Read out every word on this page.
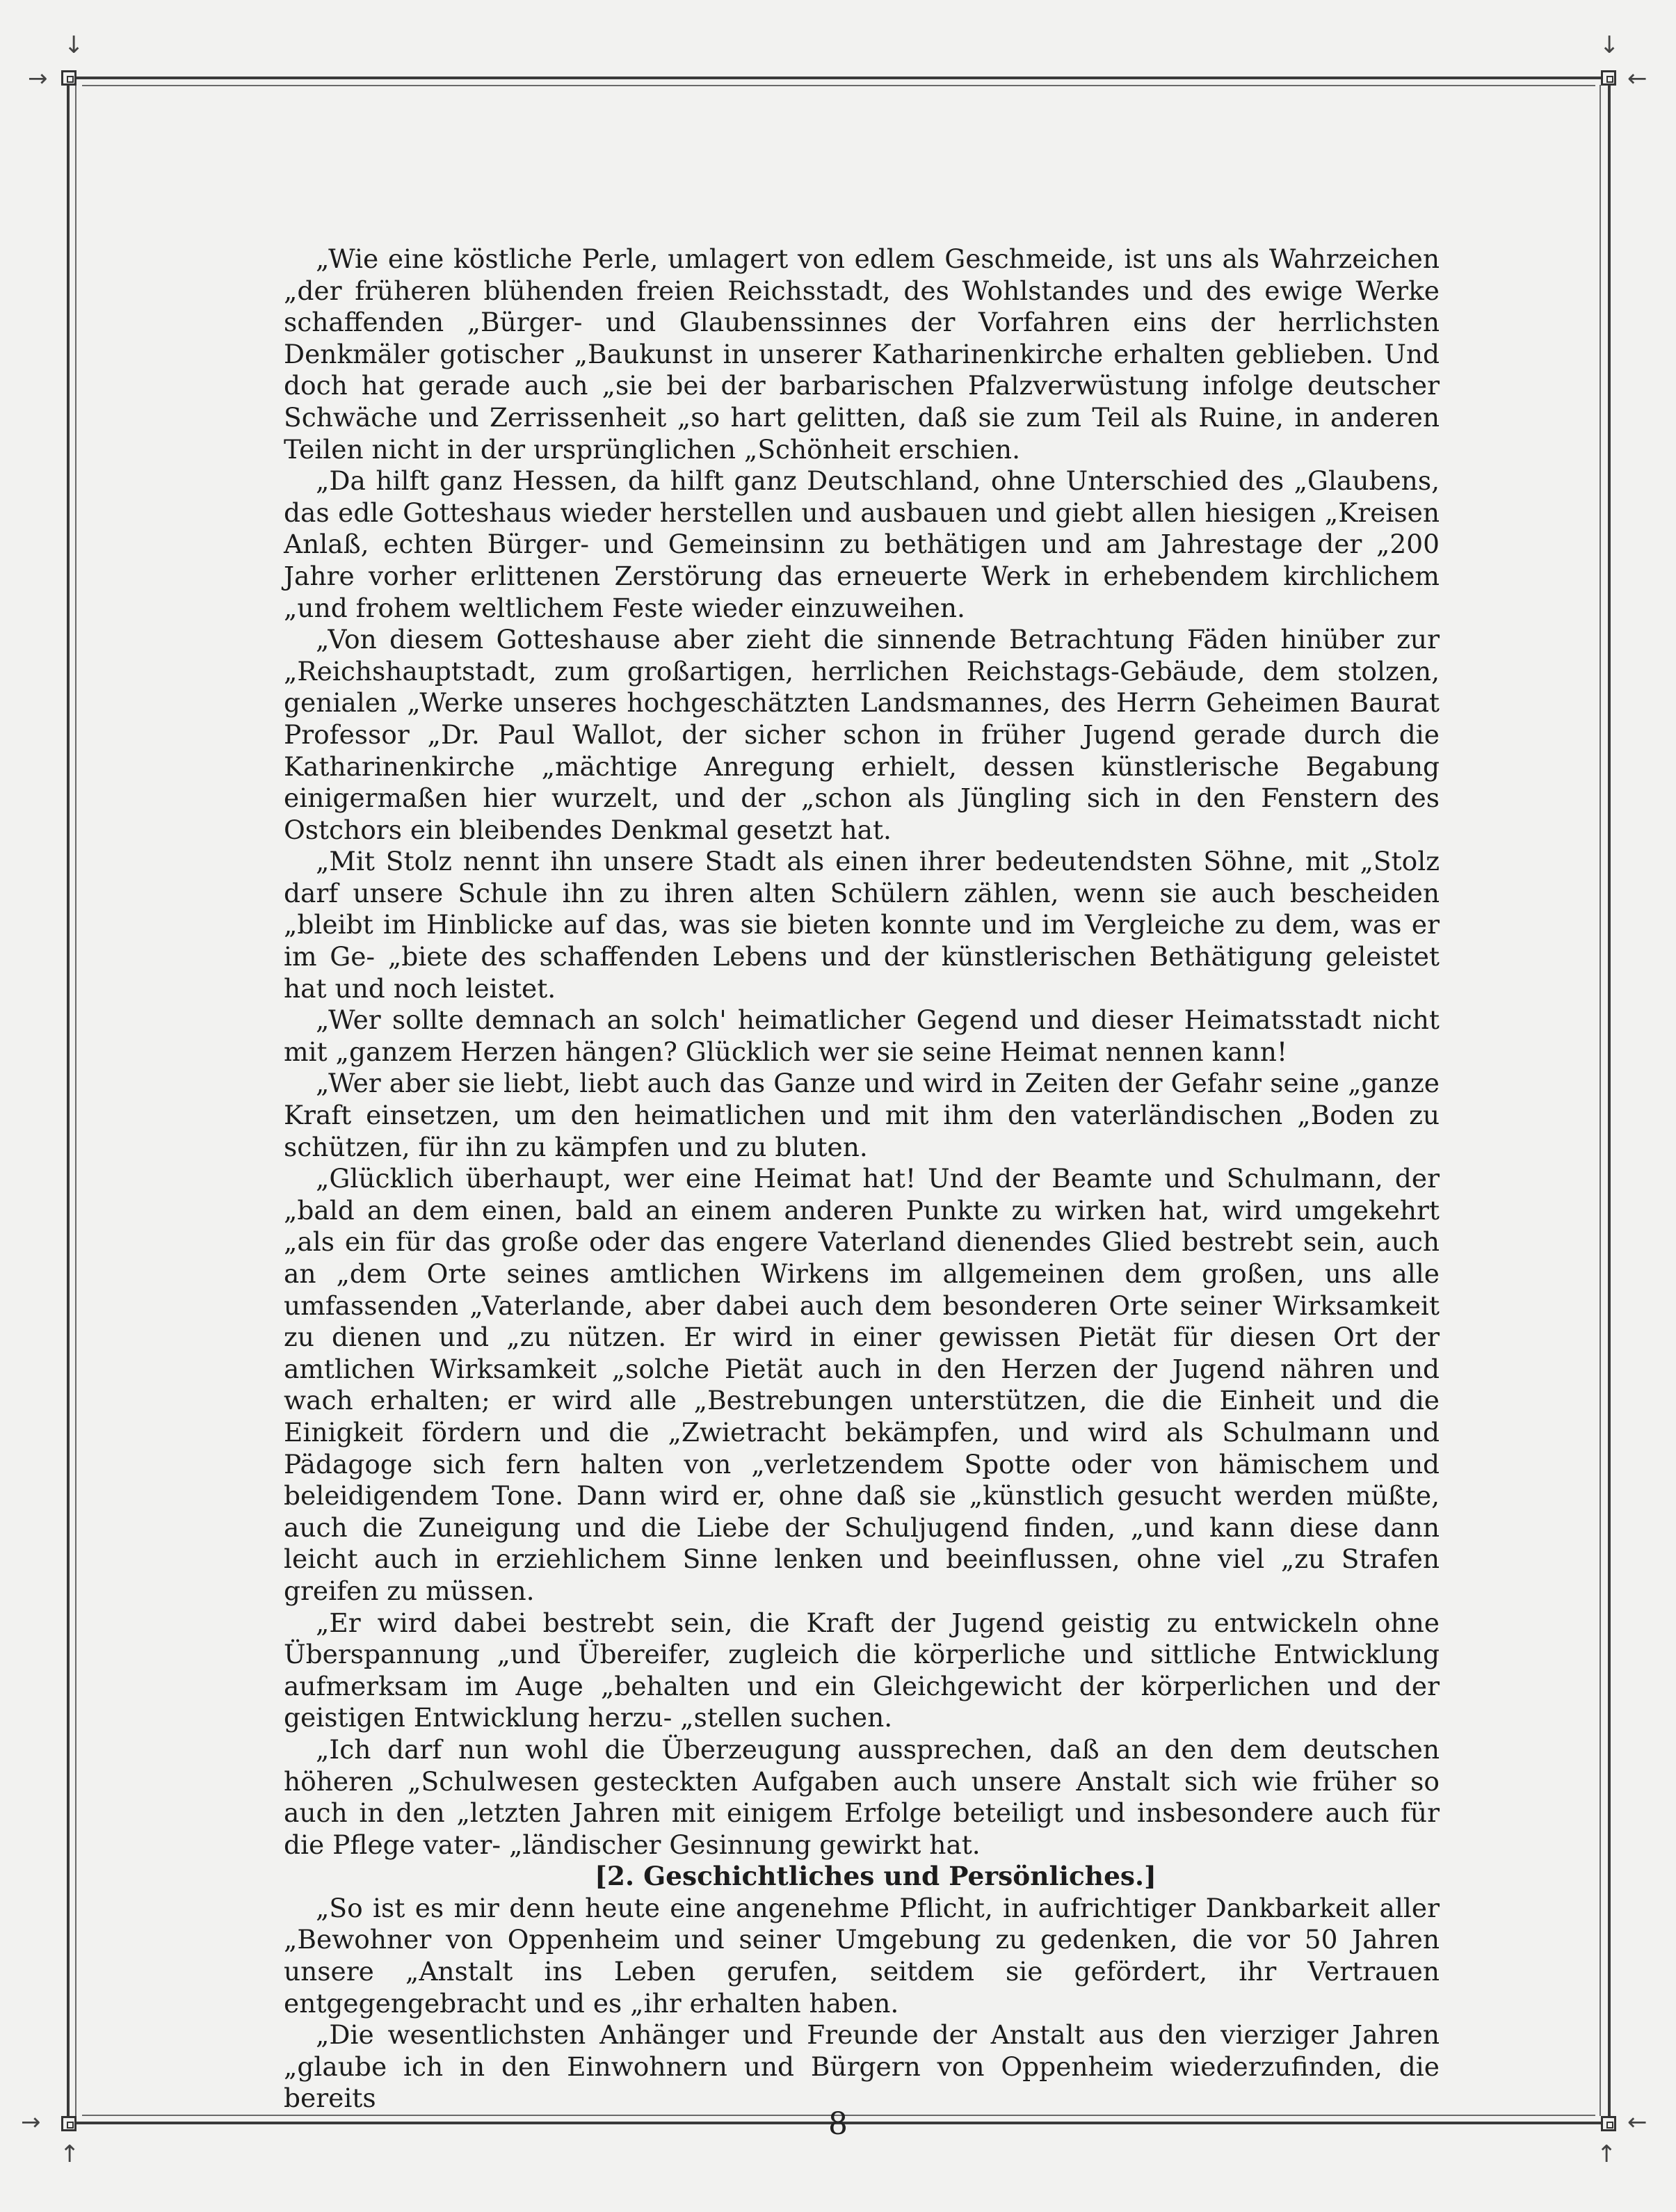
↓
→
↓
←
→
↑
←
↑

„Wie eine köstliche Perle, umlagert von edlem Geschmeide, ist uns als Wahrzeichen „der früheren blühenden freien Reichsstadt, des Wohlstandes und des ewige Werke schaffenden „Bürger- und Glaubenssinnes der Vorfahren eins der herrlichsten Denkmäler gotischer „Baukunst in unserer Katharinenkirche erhalten geblieben. Und doch hat gerade auch „sie bei der barbarischen Pfalzverwüstung infolge deutscher Schwäche und Zerrissenheit „so hart gelitten, daß sie zum Teil als Ruine, in anderen Teilen nicht in der ursprünglichen „Schönheit erschien.

„Da hilft ganz Hessen, da hilft ganz Deutschland, ohne Unterschied des „Glaubens, das edle Gotteshaus wieder herstellen und ausbauen und giebt allen hiesigen „Kreisen Anlaß, echten Bürger- und Gemeinsinn zu bethätigen und am Jahrestage der „200 Jahre vorher erlittenen Zerstörung das erneuerte Werk in erhebendem kirchlichem „und frohem weltlichem Feste wieder einzuweihen.

„Von diesem Gotteshause aber zieht die sinnende Betrachtung Fäden hinüber zur „Reichshauptstadt, zum großartigen, herrlichen Reichstags-Gebäude, dem stolzen, genialen „Werke unseres hochgeschätzten Landsmannes, des Herrn Geheimen Baurat Professor „Dr. Paul Wallot, der sicher schon in früher Jugend gerade durch die Katharinenkirche „mächtige Anregung erhielt, dessen künstlerische Begabung einigermaßen hier wurzelt, und der „schon als Jüngling sich in den Fenstern des Ostchors ein bleibendes Denkmal gesetzt hat.

„Mit Stolz nennt ihn unsere Stadt als einen ihrer bedeutendsten Söhne, mit „Stolz darf unsere Schule ihn zu ihren alten Schülern zählen, wenn sie auch bescheiden „bleibt im Hinblicke auf das, was sie bieten konnte und im Vergleiche zu dem, was er im Ge- „biete des schaffenden Lebens und der künstlerischen Bethätigung geleistet hat und noch leistet.

„Wer sollte demnach an solch' heimatlicher Gegend und dieser Heimatsstadt nicht mit „ganzem Herzen hängen? Glücklich wer sie seine Heimat nennen kann!

„Wer aber sie liebt, liebt auch das Ganze und wird in Zeiten der Gefahr seine „ganze Kraft einsetzen, um den heimatlichen und mit ihm den vaterländischen „Boden zu schützen, für ihn zu kämpfen und zu bluten.

„Glücklich überhaupt, wer eine Heimat hat! Und der Beamte und Schulmann, der „bald an dem einen, bald an einem anderen Punkte zu wirken hat, wird umgekehrt „als ein für das große oder das engere Vaterland dienendes Glied bestrebt sein, auch an „dem Orte seines amtlichen Wirkens im allgemeinen dem großen, uns alle umfassenden „Vaterlande, aber dabei auch dem besonderen Orte seiner Wirksamkeit zu dienen und „zu nützen. Er wird in einer gewissen Pietät für diesen Ort der amtlichen Wirksamkeit „solche Pietät auch in den Herzen der Jugend nähren und wach erhalten; er wird alle „Bestrebungen unterstützen, die die Einheit und die Einigkeit fördern und die „Zwietracht bekämpfen, und wird als Schulmann und Pädagoge sich fern halten von „verletzendem Spotte oder von hämischem und beleidigendem Tone. Dann wird er, ohne daß sie „künstlich gesucht werden müßte, auch die Zuneigung und die Liebe der Schuljugend finden, „und kann diese dann leicht auch in erziehlichem Sinne lenken und beeinflussen, ohne viel „zu Strafen greifen zu müssen.

„Er wird dabei bestrebt sein, die Kraft der Jugend geistig zu entwickeln ohne Überspannung „und Übereifer, zugleich die körperliche und sittliche Entwicklung aufmerksam im Auge „behalten und ein Gleichgewicht der körperlichen und der geistigen Entwicklung herzu- „stellen suchen.

„Ich darf nun wohl die Überzeugung aussprechen, daß an den dem deutschen höheren „Schulwesen gesteckten Aufgaben auch unsere Anstalt sich wie früher so auch in den „letzten Jahren mit einigem Erfolge beteiligt und insbesondere auch für die Pflege vater- „ländischer Gesinnung gewirkt hat.

[2. Geschichtliches und Persönliches.]

„So ist es mir denn heute eine angenehme Pflicht, in aufrichtiger Dankbarkeit aller „Bewohner von Oppenheim und seiner Umgebung zu gedenken, die vor 50 Jahren unsere „Anstalt ins Leben gerufen, seitdem sie gefördert, ihr Vertrauen entgegengebracht und es „ihr erhalten haben.

„Die wesentlichsten Anhänger und Freunde der Anstalt aus den vierziger Jahren „glaube ich in den Einwohnern und Bürgern von Oppenheim wiederzufinden, die bereits

8
